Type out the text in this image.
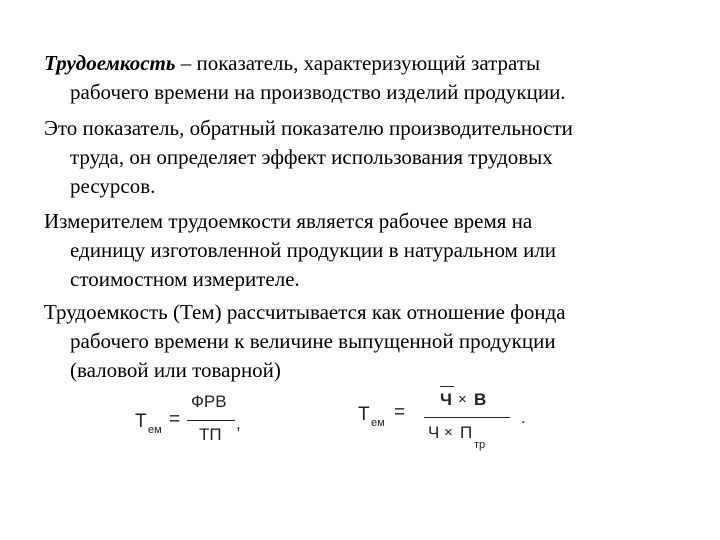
Трудоемкость – показатель, характеризующий затраты
рабочего времени на производство изделий продукции.
Это показатель, обратный показателю производительности
труда, он определяет эффект использования трудовых
ресурсов.
Измерителем трудоемкости является рабочее время на
единицу изготовленной продукции в натуральном или
стоимостном измерителе.
Трудоемкость (Тем) рассчитывается как отношение фонда
рабочего времени к величине выпущенной продукции
(валовой или товарной)
Т ем =
ФРВ
ТП
,	Т ем =
Ч × В
Ч × П
тр
.
